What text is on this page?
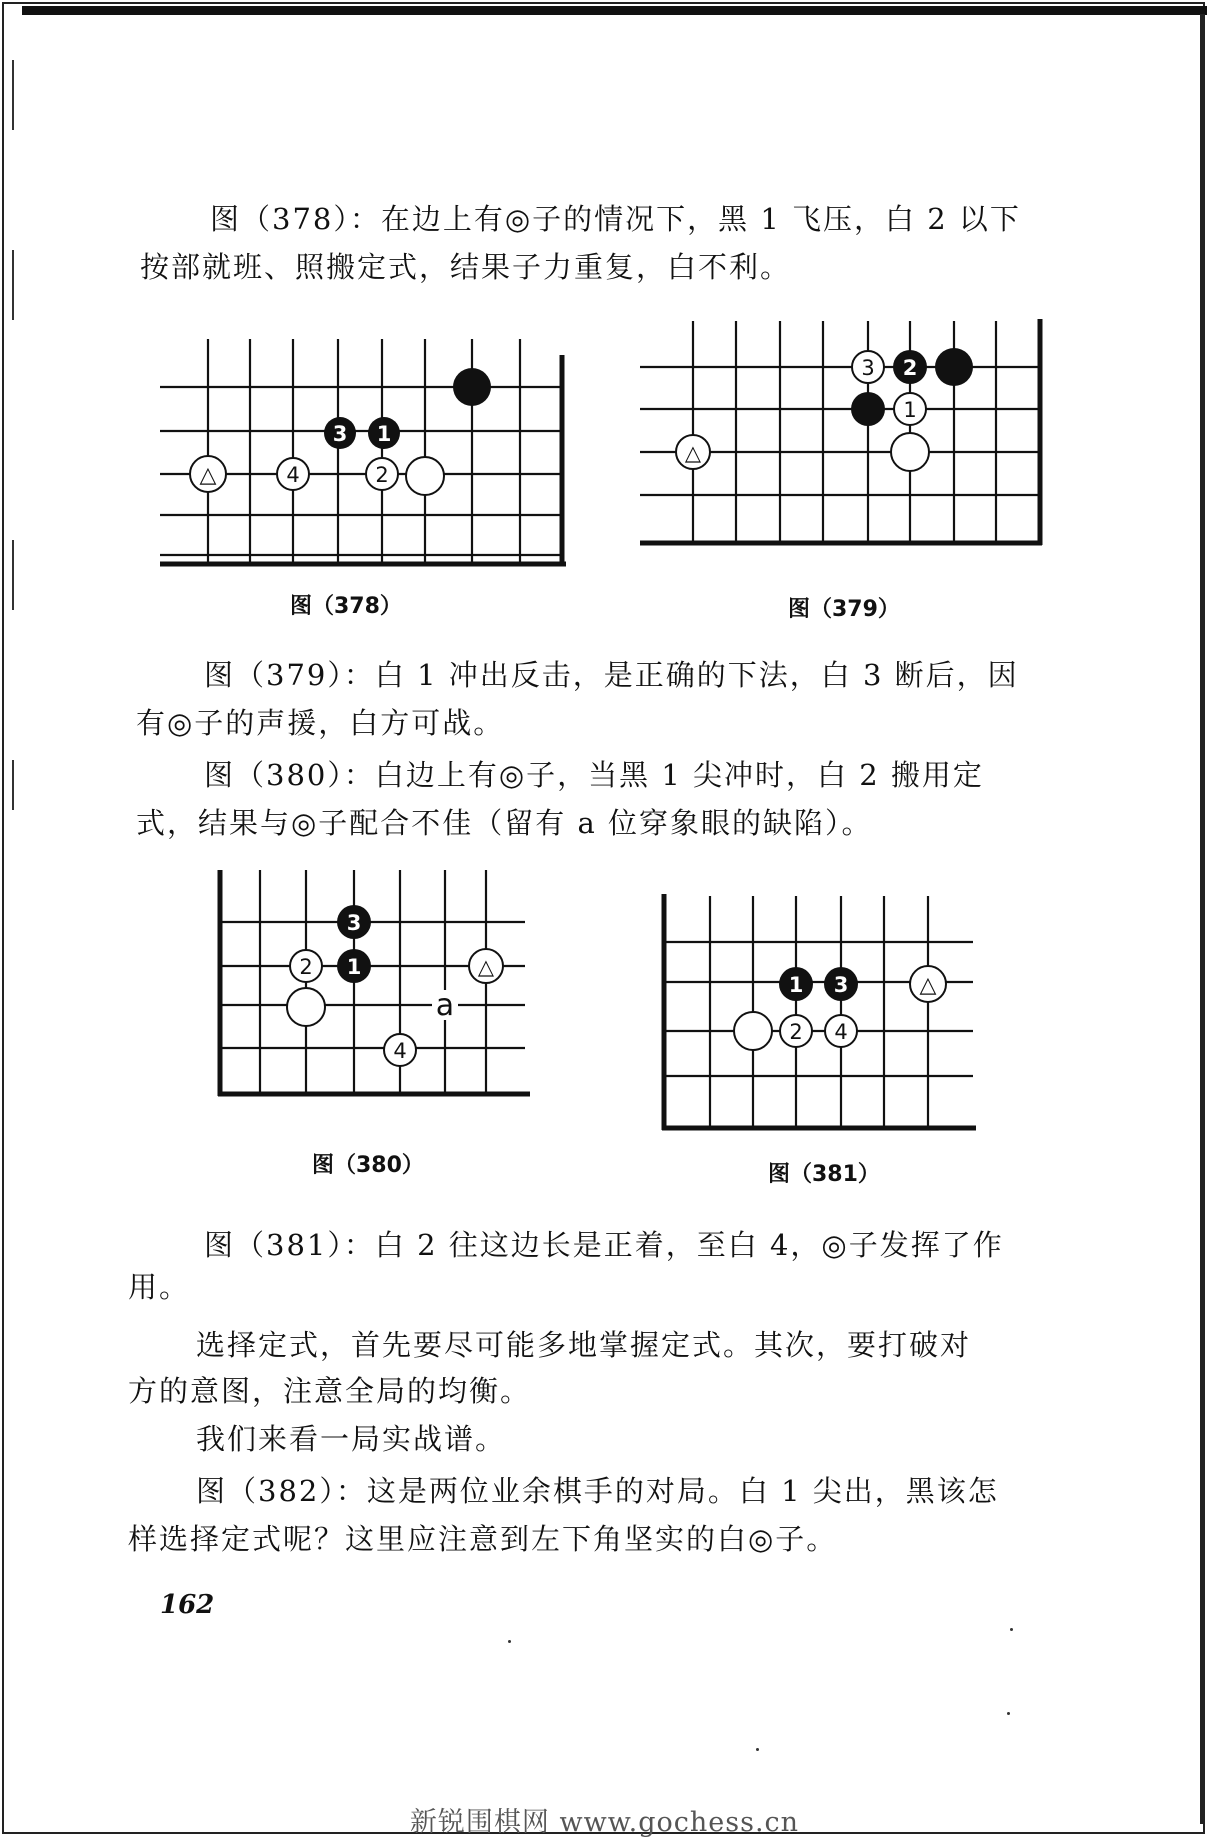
图（378）：在边上有◎子的情况下，黑 1 飞压，白 2 以下
按部就班、照搬定式，结果子力重复，白不利。
3 1
△	4	2
图（378）
3 2
1
△
图（379）
图（379）：白 1 冲出反击，是正确的下法，白 3 断后，因
有◎子的声援，白方可战。
图（380）：白边上有◎子，当黑 1 尖冲时，白 2 搬用定
式，结果与◎子配合不佳（留有 a 位穿象眼的缺陷）。
3
2 1	△
a
4
图（380）
1 3	△
2 4
图（381）
图（381）：白 2 往这边长是正着，至白 4，◎子发挥了作
用。
选择定式，首先要尽可能多地掌握定式。其次，要打破对
方的意图，注意全局的均衡。
我们来看一局实战谱。
图（382）：这是两位业余棋手的对局。白 1 尖出，黑该怎
样选择定式呢？这里应注意到左下角坚实的白◎子。
162
新锐围棋网 www.gochess.cn
